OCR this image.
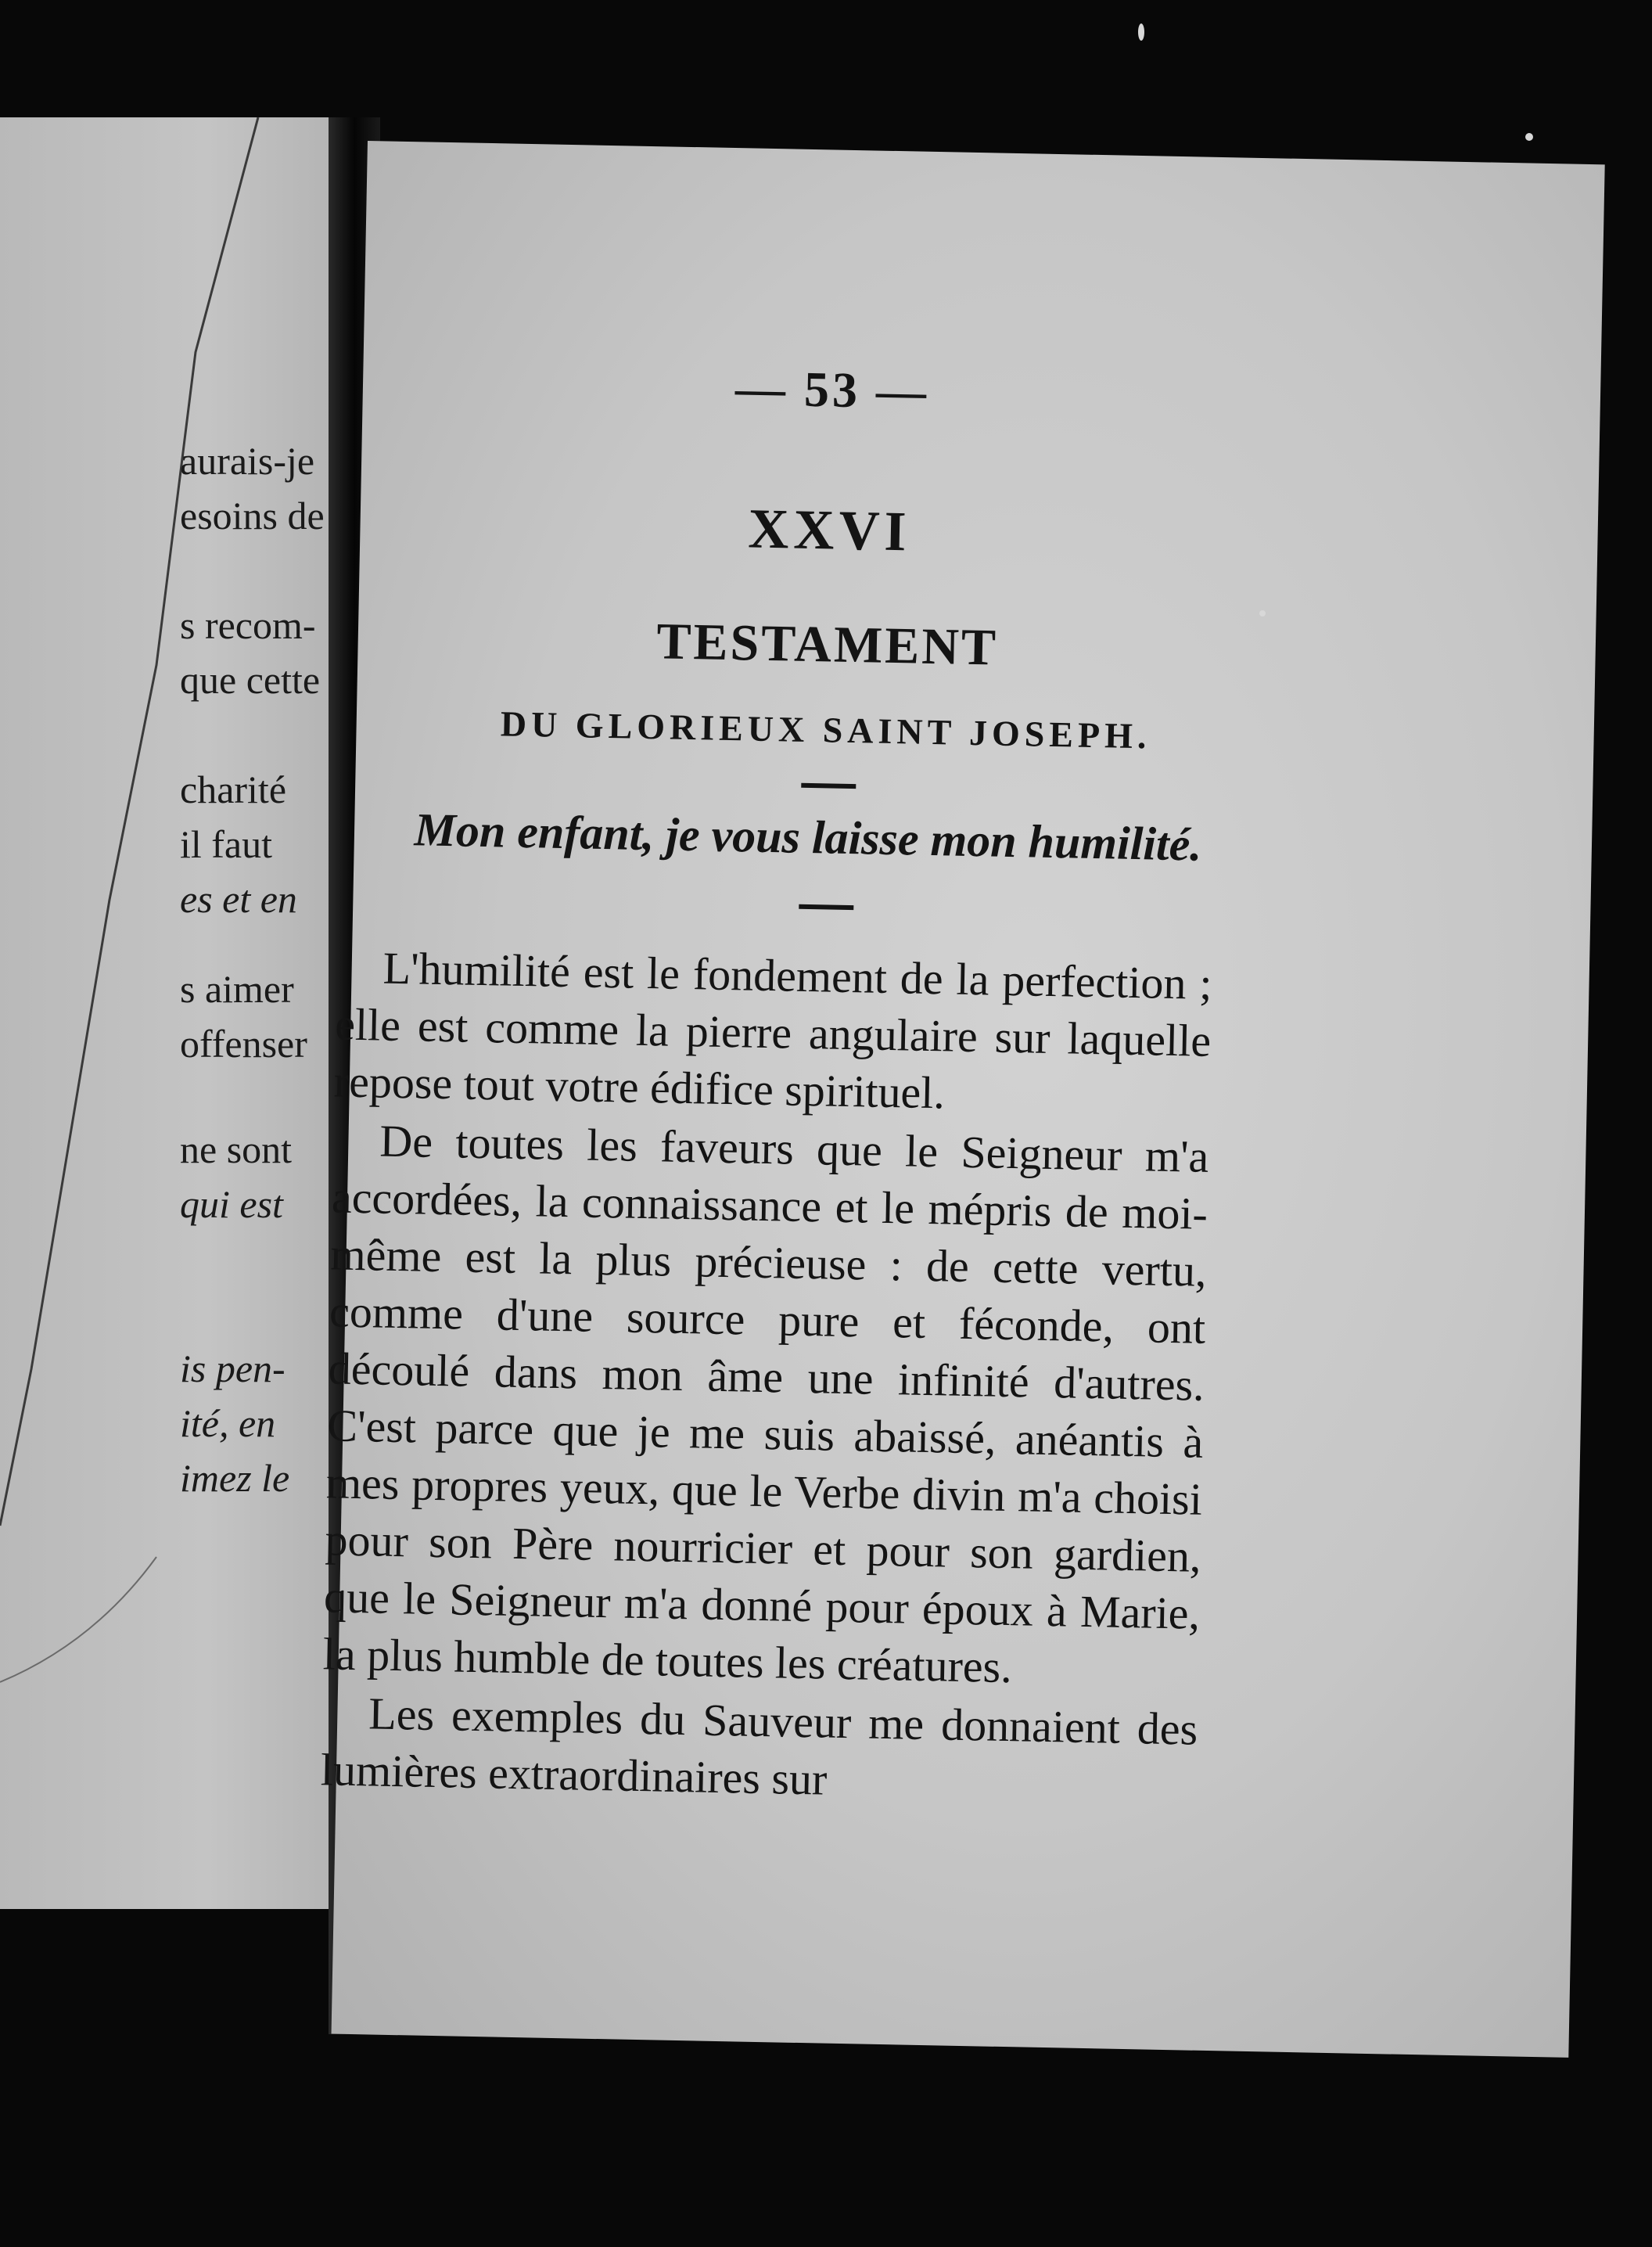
aurais-je
esoins de
s recom-
que cette
charité
il faut
es et en
s aimer
offenser
ne sont
qui est
is pen-
ité, en
imez le
— 53 —
XXVI
TESTAMENT
DU GLORIEUX SAINT JOSEPH.
Mon enfant, je vous laisse mon humilité.

L'humilité est le fondement de la perfection ; elle est comme la pierre angulaire sur laquelle repose tout votre édifice spirituel.

De toutes les faveurs que le Seigneur m'a accordées, la connaissance et le mépris de moi-même est la plus précieuse : de cette vertu, comme d'une source pure et féconde, ont découlé dans mon âme une infinité d'autres. C'est parce que je me suis abaissé, anéantis à mes propres yeux, que le Verbe divin m'a choisi pour son Père nourricier et pour son gardien, que le Seigneur m'a donné pour époux à Marie, la plus humble de toutes les créatures.

Les exemples du Sauveur me donnaient des lumières extraordinaires sur
